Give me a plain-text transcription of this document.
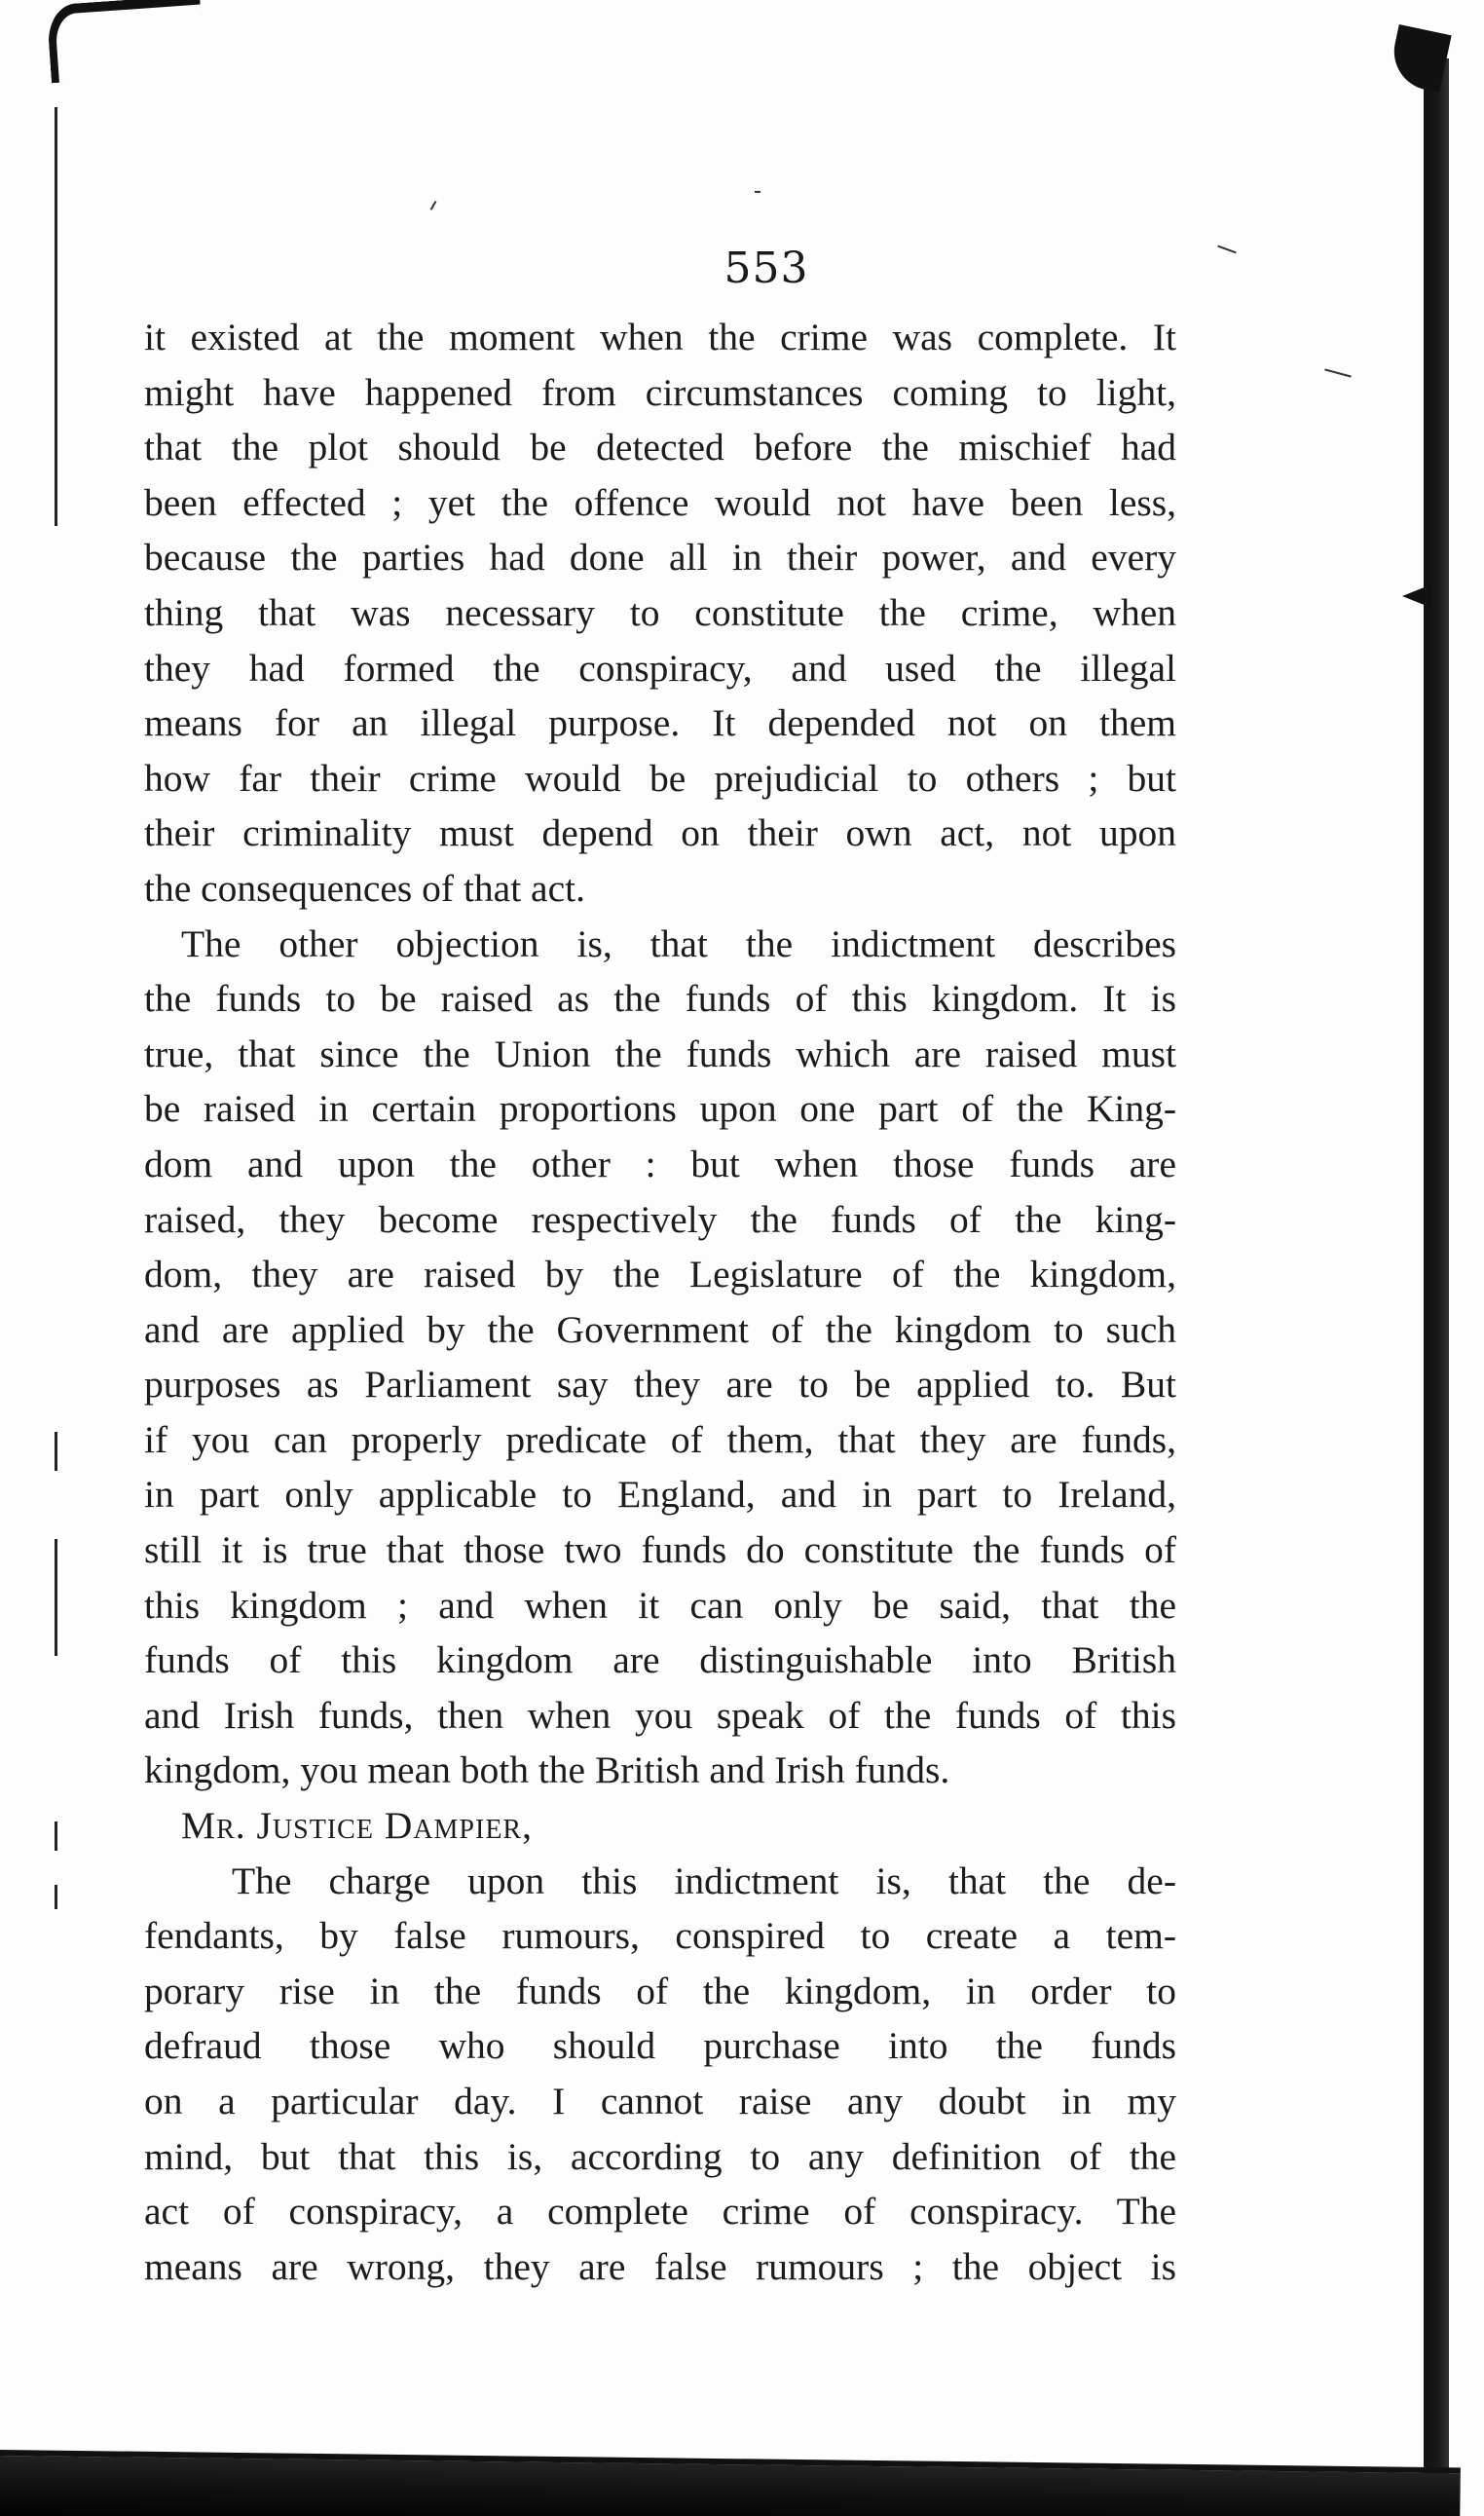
553
it existed at the moment when the crime was complete. It
might have happened from circumstances coming to light,
that the plot should be detected before the mischief had
been effected ; yet the offence would not have been less,
because the parties had done all in their power, and every
thing that was necessary to constitute the crime, when
they had formed the conspiracy, and used the illegal
means for an illegal purpose. It depended not on them
how far their crime would be prejudicial to others ; but
their criminality must depend on their own act, not upon
the consequences of that act.
The other objection is, that the indictment describes
the funds to be raised as the funds of this kingdom. It is
true, that since the Union the funds which are raised must
be raised in certain proportions upon one part of the King-
dom and upon the other : but when those funds are
raised, they become respectively the funds of the king-
dom, they are raised by the Legislature of the kingdom,
and are applied by the Government of the kingdom to such
purposes as Parliament say they are to be applied to. But
if you can properly predicate of them, that they are funds,
in part only applicable to England, and in part to Ireland,
still it is true that those two funds do constitute the funds of
this kingdom ; and when it can only be said, that the
funds of this kingdom are distinguishable into British
and Irish funds, then when you speak of the funds of this
kingdom, you mean both the British and Irish funds.
Mr. Justice Dampier,
The charge upon this indictment is, that the de-
fendants, by false rumours, conspired to create a tem-
porary rise in the funds of the kingdom, in order to
defraud those who should purchase into the funds
on a particular day. I cannot raise any doubt in my
mind, but that this is, according to any definition of the
act of conspiracy, a complete crime of conspiracy. The
means are wrong, they are false rumours ; the object is
